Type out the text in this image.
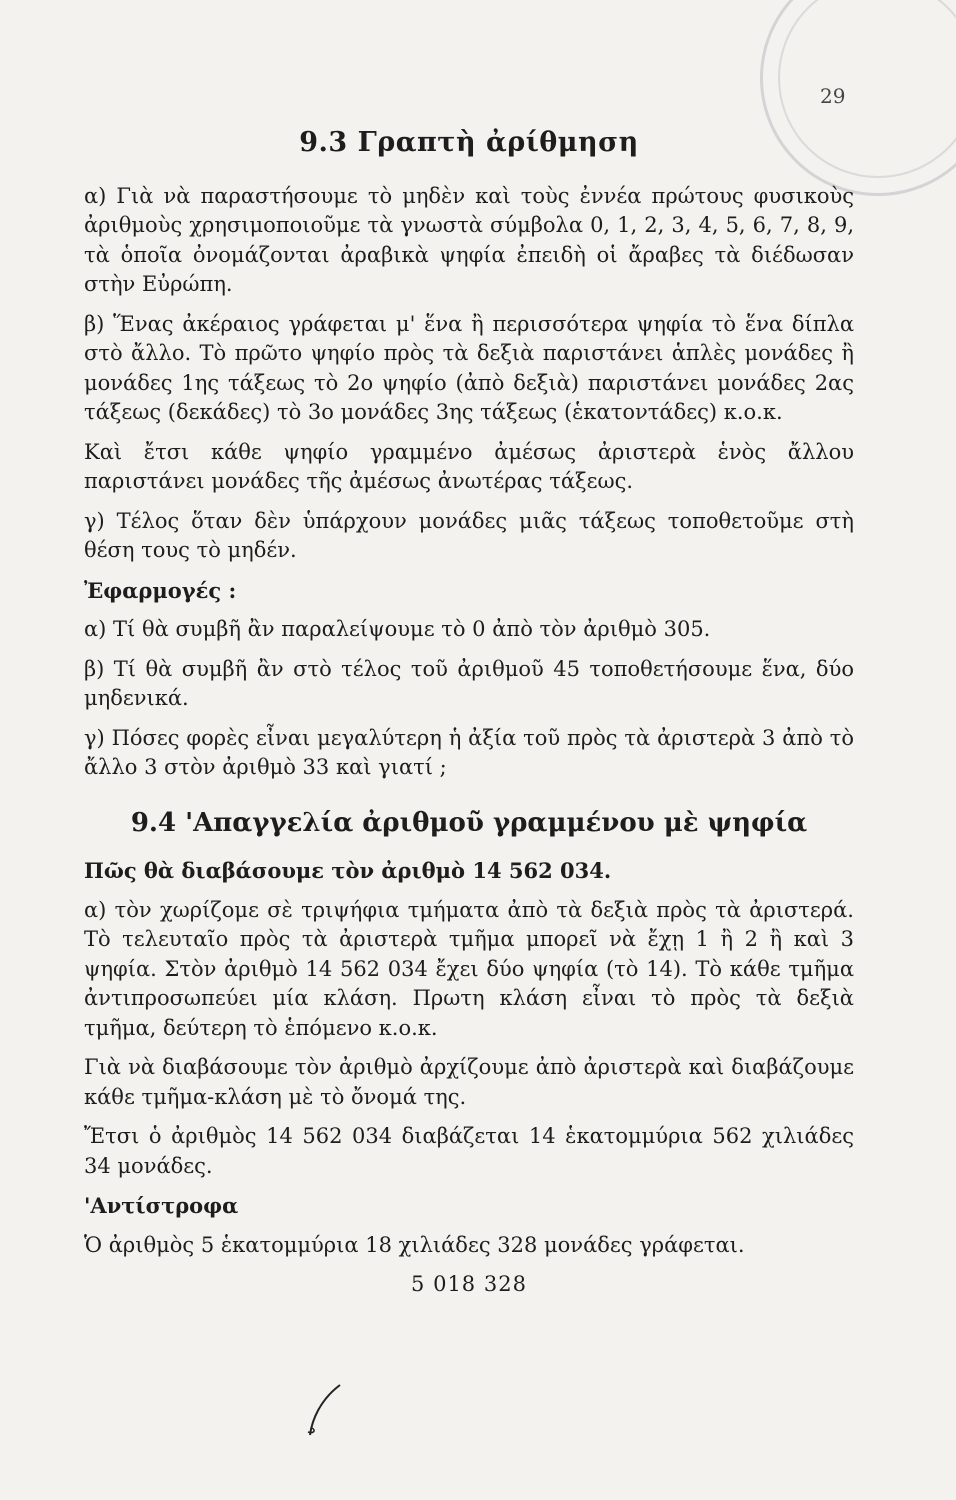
29
9.3 Γραπτὴ ἀρίθμηση

α) Γιὰ νὰ παραστήσουμε τὸ μηδὲν καὶ τοὺς ἐννέα πρώτους φυσικοὺς ἀριθμοὺς χρησιμοποιοῦμε τὰ γνωστὰ σύμβολα 0, 1, 2, 3, 4, 5, 6, 7, 8, 9, τὰ ὁποῖα ὀνομάζονται ἀραβικὰ ψηφία ἐπειδὴ οἱ ἄραβες τὰ διέδωσαν στὴν Εὐρώπη.

β) Ἕνας ἀκέραιος γράφεται μ' ἕνα ἢ περισσότερα ψηφία τὸ ἕνα δίπλα στὸ ἄλλο. Τὸ πρῶτο ψηφίο πρὸς τὰ δεξιὰ παριστάνει ἁπλὲς μονάδες ἢ μονάδες 1ης τάξεως τὸ 2ο ψηφίο (ἀπὸ δεξιὰ) παριστάνει μονάδες 2ας τάξεως (δεκάδες) τὸ 3ο μονάδες 3ης τάξεως (ἑκατοντάδες) κ.ο.κ.

Καὶ ἔτσι κάθε ψηφίο γραμμένο ἀμέσως ἀριστερὰ ἑνὸς ἄλλου παριστάνει μονάδες τῆς ἀμέσως ἀνωτέρας τάξεως.

γ) Τέλος ὅταν δὲν ὑπάρχουν μονάδες μιᾶς τάξεως τοποθετοῦμε στὴ θέση τους τὸ μηδέν.

Ἐφαρμογές :

α) Τί θὰ συμβῆ ἂν παραλείψουμε τὸ 0 ἀπὸ τὸν ἀριθμὸ 305.

β) Τί θὰ συμβῆ ἂν στὸ τέλος τοῦ ἀριθμοῦ 45 τοποθετήσουμε ἕνα, δύο μηδενικά.

γ) Πόσες φορὲς εἶναι μεγαλύτερη ἡ ἀξία τοῦ πρὸς τὰ ἀριστερὰ 3 ἀπὸ τὸ ἄλλο 3 στὸν ἀριθμὸ 33 καὶ γιατί ;

9.4 'Απαγγελία ἀριθμοῦ γραμμένου μὲ ψηφία
Πῶς θὰ διαβάσουμε τὸν ἀριθμὸ 14 562 034.

α) τὸν χωρίζομε σὲ τριψήφια τμήματα ἀπὸ τὰ δεξιὰ πρὸς τὰ ἀριστερά. Τὸ τελευταῖο πρὸς τὰ ἀριστερὰ τμῆμα μπορεῖ νὰ ἔχῃ 1 ἢ 2 ἢ καὶ 3 ψηφία. Στὸν ἀριθμὸ 14 562 034 ἔχει δύο ψηφία (τὸ 14). Τὸ κάθε τμῆμα ἀντιπροσωπεύει μία κλάση. Πρωτη κλάση εἶναι τὸ πρὸς τὰ δεξιὰ τμῆμα, δεύτερη τὸ ἑπόμενο κ.ο.κ.

Γιὰ νὰ διαβάσουμε τὸν ἀριθμὸ ἀρχίζουμε ἀπὸ ἀριστερὰ καὶ διαβάζουμε κάθε τμῆμα-κλάση μὲ τὸ ὄνομά της.

Ἔτσι ὁ ἀριθμὸς 14 562 034 διαβάζεται 14 ἑκατομμύρια 562 χιλιάδες 34 μονάδες.

'Αντίστροφα

Ὁ ἀριθμὸς 5 ἑκατομμύρια 18 χιλιάδες 328 μονάδες γράφεται.

5 018 328
